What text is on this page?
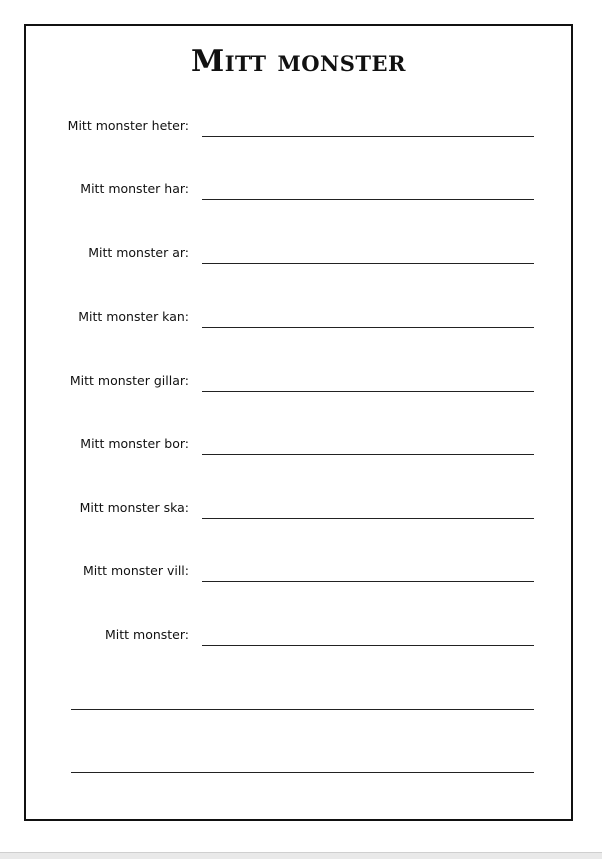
Mitt monster
Mitt monster heter:
Mitt monster har:
Mitt monster ar:
Mitt monster kan:
Mitt monster gillar:
Mitt monster bor:
Mitt monster ska:
Mitt monster vill:
Mitt monster:
